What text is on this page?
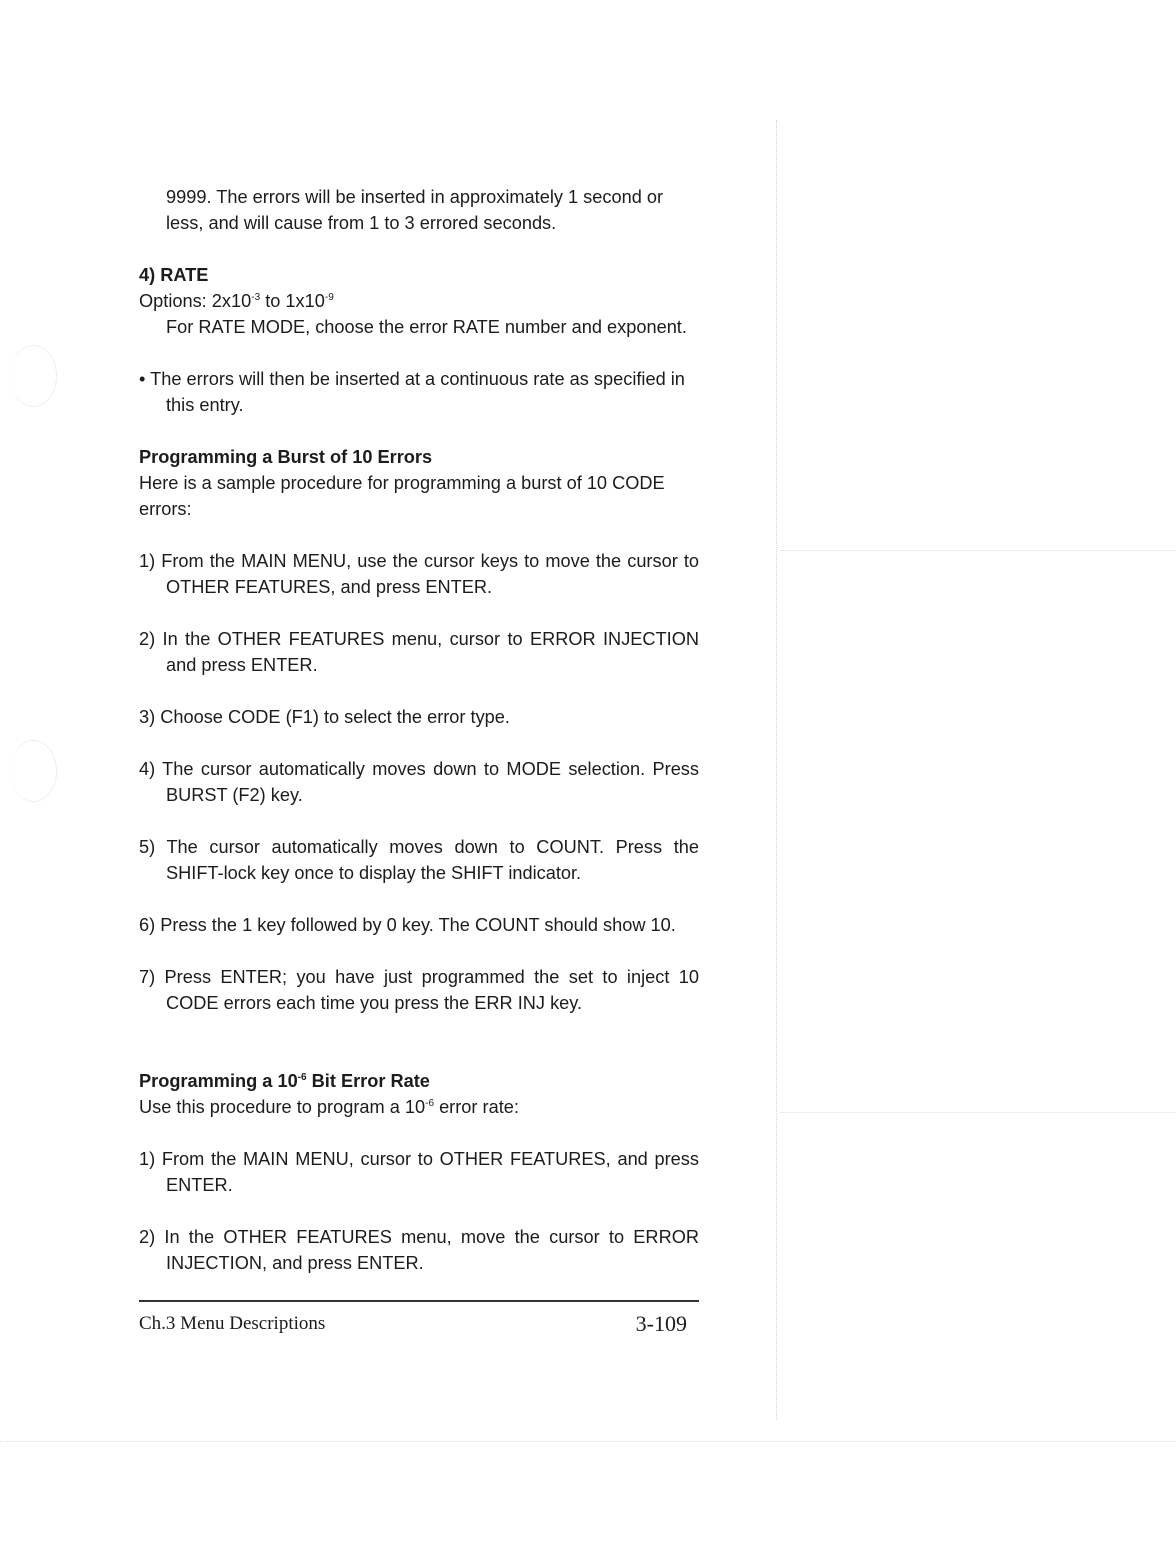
9999. The errors will be inserted in approximately 1 second or
less, and will cause from 1 to 3 errored seconds.

4) RATE

Options: $2x10^{-3}$ to $1x10^{-9}$

For RATE MODE, choose the error RATE number and exponent.

• The errors will then be inserted at a continuous rate as specified in this entry.

Programming a Burst of 10 Errors

Here is a sample procedure for programming a burst of 10 CODE errors:

1) From the MAIN MENU, use the cursor keys to move the cursor to OTHER FEATURES, and press ENTER.

2) In the OTHER FEATURES menu, cursor to ERROR INJECTION and press ENTER.

3) Choose CODE (F1) to select the error type.

4) The cursor automatically moves down to MODE selection. Press BURST (F2) key.

5) The cursor automatically moves down to COUNT. Press the SHIFT-lock key once to display the SHIFT indicator.

6) Press the 1 key followed by 0 key. The COUNT should show 10.

7) Press ENTER; you have just programmed the set to inject 10 CODE errors each time you press the ERR INJ key.

Programming a $10^{-6}$ Bit Error Rate

Use this procedure to program a $10^{-6}$ error rate:

1) From the MAIN MENU, cursor to OTHER FEATURES, and press ENTER.

2) In the OTHER FEATURES menu, move the cursor to ERROR INJECTION, and press ENTER.

Ch.3 Menu Descriptions	3-109
